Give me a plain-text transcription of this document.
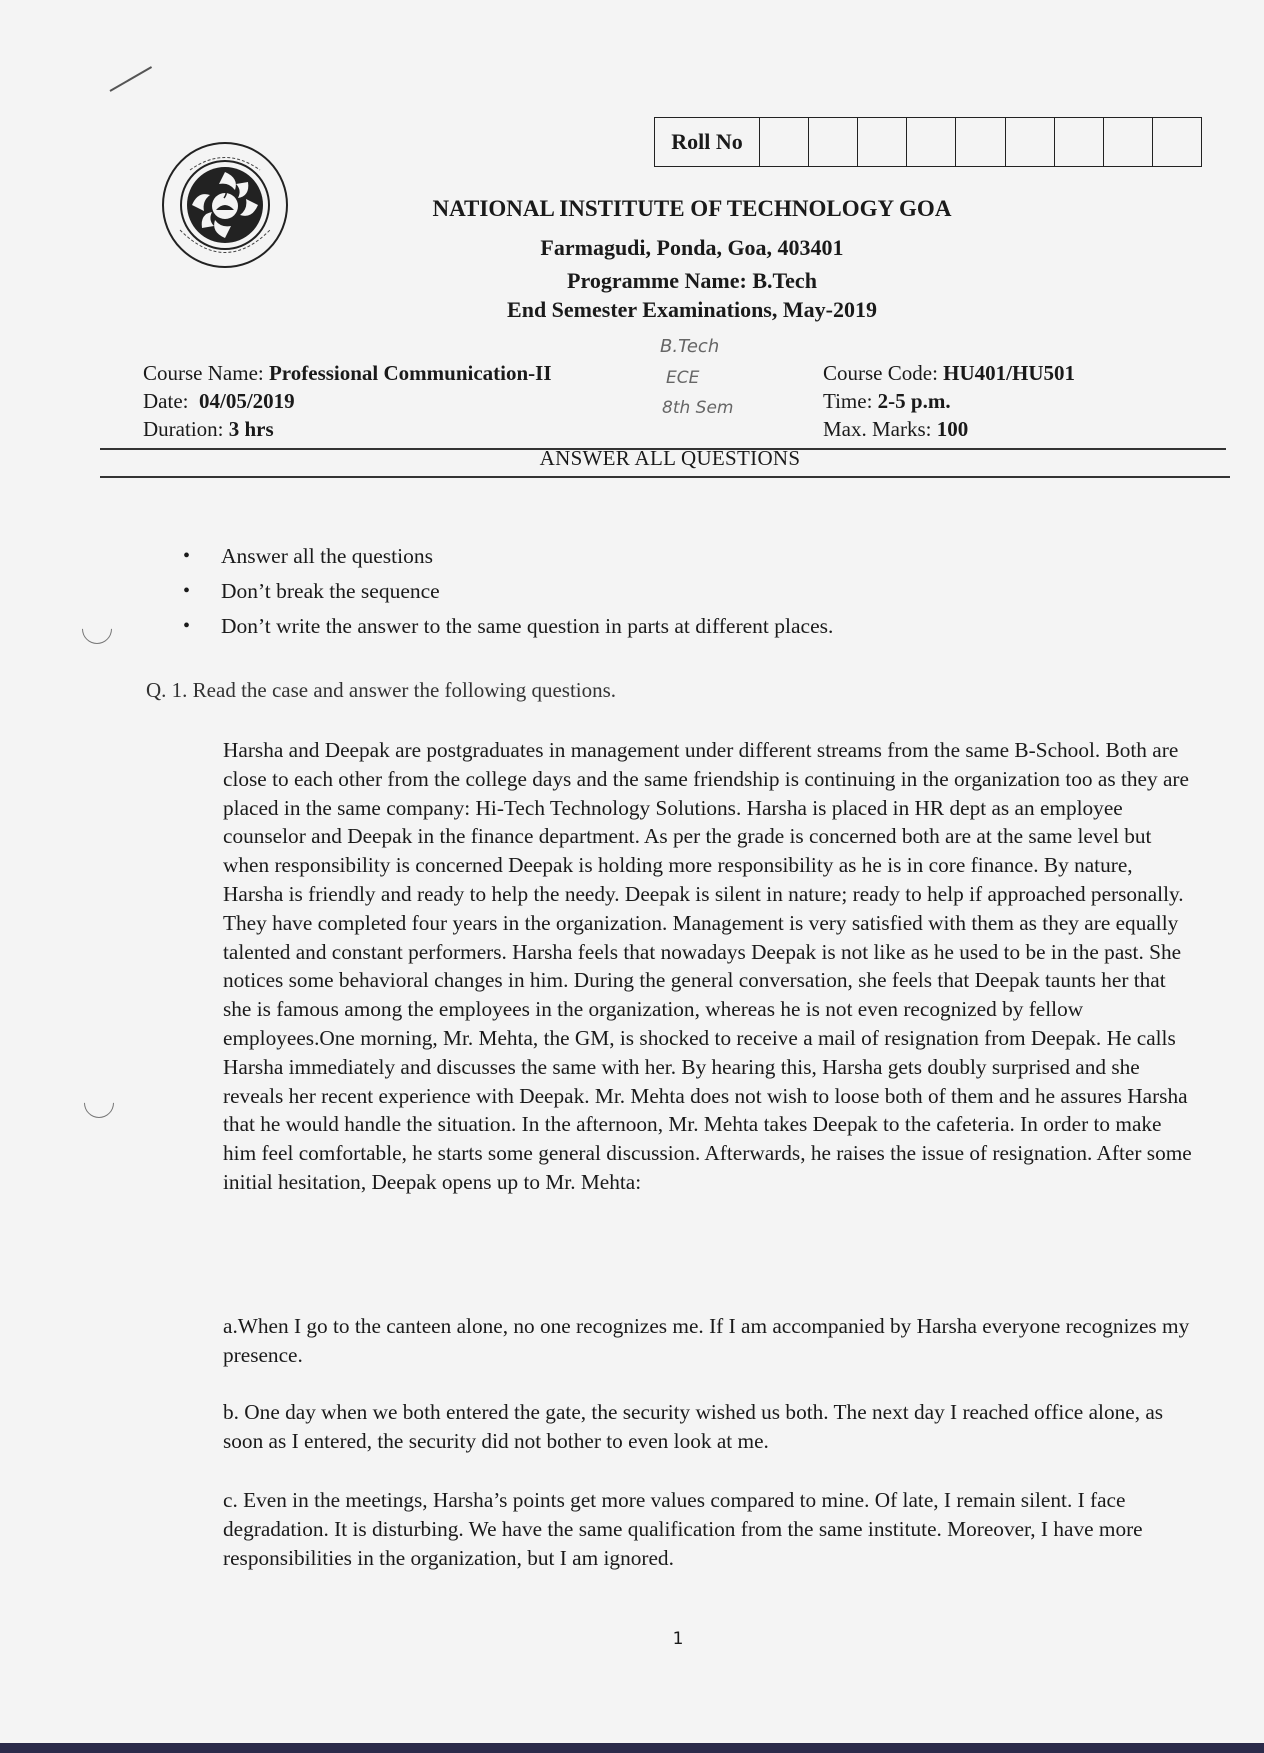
Roll No
NATIONAL INSTITUTE OF TECHNOLOGY GOA
Farmagudi, Ponda, Goa, 403401
Programme Name: B.Tech
End Semester Examinations, May-2019
B.Tech
ECE
8th Sem
Course Name: Professional Communication-II
Date:  04/05/2019
Duration: 3 hrs
Course Code: HU401/HU501
Time: 2-5 p.m.
Max. Marks: 100
ANSWER ALL QUESTIONS
• Answer all the questions
• Don’t break the sequence
• Don’t write the answer to the same question in parts at different places.
Q. 1. Read the case and answer the following questions.
Harsha and Deepak are postgraduates in management under different streams from the same B-School. Both are close to each other from the college days and the same friendship is continuing in the organization too as they are placed in the same company: Hi-Tech Technology Solutions. Harsha is placed in HR dept as an employee counselor and Deepak in the finance department. As per the grade is concerned both are at the same level but when responsibility is concerned Deepak is holding more responsibility as he is in core finance. By nature, Harsha is friendly and ready to help the needy. Deepak is silent in nature; ready to help if approached personally. They have completed four years in the organization. Management is very satisfied with them as they are equally talented and constant performers. Harsha feels that nowadays Deepak is not like as he used to be in the past. She notices some behavioral changes in him. During the general conversation, she feels that Deepak taunts her that she is famous among the employees in the organization, whereas he is not even recognized by fellow employees.One morning, Mr. Mehta, the GM, is shocked to receive a mail of resignation from Deepak. He calls Harsha immediately and discusses the same with her. By hearing this, Harsha gets doubly surprised and she reveals her recent experience with Deepak. Mr. Mehta does not wish to loose both of them and he assures Harsha that he would handle the situation. In the afternoon, Mr. Mehta takes Deepak to the cafeteria. In order to make him feel comfortable, he starts some general discussion. Afterwards, he raises the issue of resignation. After some initial hesitation, Deepak opens up to Mr. Mehta:
a.When I go to the canteen alone, no one recognizes me. If I am accompanied by Harsha everyone recognizes my presence.
b. One day when we both entered the gate, the security wished us both. The next day I reached office alone, as soon as I entered, the security did not bother to even look at me.
c. Even in the meetings, Harsha’s points get more values compared to mine. Of late, I remain silent. I face degradation. It is disturbing. We have the same qualification from the same institute. Moreover, I have more responsibilities in the organization, but I am ignored.
1
